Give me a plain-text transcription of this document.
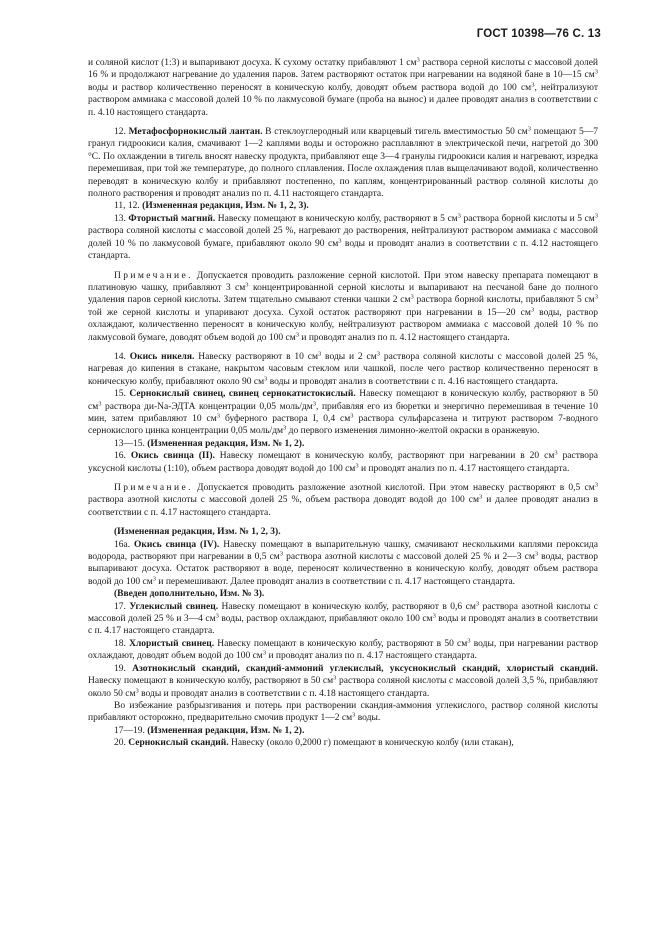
ГОСТ 10398—76 С. 13

и соляной кислот (1:3) и выпаривают досуха. К сухому остатку прибавляют 1 $см^3$ раствора серной кислоты с массовой долей 16 % и продолжают нагревание до удаления паров. Затем растворяют остаток при нагревании на водяной бане в 10—15 $см^3$ воды и раствор количественно переносят в коническую колбу, доводят объем раствора водой до 100 $см^3$, нейтрализуют раствором аммиака с массовой долей 10 % по лакмусовой бумаге (проба на вынос) и далее проводят анализ в соответствии с п. 4.10 настоящего стандарта.

12. Метафосфорнокислый лантан. В стеклоуглеродный или кварцевый тигель вместимостью 50 $см^3$ помещают 5—7 гранул гидроокиси калия, смачивают 1—2 каплями воды и осторожно расплавляют в электрической печи, нагретой до 300 °С. По охлаждении в тигель вносят навеску продукта, прибавляют еще 3—4 гранулы гидроокиси калия и нагревают, изредка перемешивая, при той же температуре, до полного сплавления. После охлаждения плав выщелачивают водой, количественно переводят в коническую колбу и прибавляют постепенно, по каплям, концентрированный раствор соляной кислоты до полного растворения и проводят анализ по п. 4.11 настоящего стандарта.

11, 12. (Измененная редакция, Изм. № 1, 2, 3).

13. Фтористый магний. Навеску помещают в коническую колбу, растворяют в 5 $см^3$ раствора борной кислоты и 5 $см^3$ раствора соляной кислоты с массовой долей 25 %, нагревают до растворения, нейтрализуют раствором аммиака с массовой долей 10 % по лакмусовой бумаге, прибавляют около 90 $см^3$ воды и проводят анализ в соответствии с п. 4.12 настоящего стандарта.

Примечание. Допускается проводить разложение серной кислотой. При этом навеску препарата помещают в платиновую чашку, прибавляют 3 $см^3$ концентрированной серной кислоты и выпаривают на песчаной бане до полного удаления паров серной кислоты. Затем тщательно смывают стенки чашки 2 $см^3$ раствора борной кислоты, прибавляют 5 $см^3$ той же серной кислоты и упаривают досуха. Сухой остаток растворяют при нагревании в 15—20 $см^3$ воды, раствор охлаждают, количественно переносят в коническую колбу, нейтрализуют раствором аммиака с массовой долей 10 % по лакмусовой бумаге, доводят объем водой до 100 $см^3$ и проводят анализ по п. 4.12 настоящего стандарта.

14. Окись никеля. Навеску растворяют в 10 $см^3$ воды и 2 $см^3$ раствора соляной кислоты с массовой долей 25 %, нагревая до кипения в стакане, накрытом часовым стеклом или чашкой, после чего раствор количественно переносят в коническую колбу, прибавляют около 90 $см^3$ воды и проводят анализ в соответствии с п. 4.16 настоящего стандарта.

15. Сернокислый свинец, свинец сернокатистокислый. Навеску помещают в коническую колбу, растворяют в 50 $см^3$ раствора ди-Na-ЭДТА концентрации 0,05 моль/$дм^3$, прибавляя его из бюретки и энергично перемешивая в течение 10 мин, затем прибавляют 10 $см^3$ буферного раствора I, 0,4 $см^3$ раствора сульфарсазена и титруют раствором 7-водного сернокислого цинка концентрации 0,05 моль/$дм^3$ до первого изменения лимонно-желтой окраски в оранжевую.

13—15. (Измененная редакция, Изм. № 1, 2).

16. Окись свинца (II). Навеску помещают в коническую колбу, растворяют при нагревании в 20 $см^3$ раствора уксусной кислоты (1:10), объем раствора доводят водой до 100 $см^3$ и проводят анализ по п. 4.17 настоящего стандарта.

Примечание. Допускается проводить разложение азотной кислотой. При этом навеску растворяют в 0,5 $см^3$ раствора азотной кислоты с массовой долей 25 %, объем раствора доводят водой до 100 $см^3$ и далее проводят анализ в соответствии с п. 4.17 настоящего стандарта.

(Измененная редакция, Изм. № 1, 2, 3).

16а. Окись свинца (IV). Навеску помещают в выпарительную чашку, смачивают несколькими каплями пероксида водорода, растворяют при нагревании в 0,5 $см^3$ раствора азотной кислоты с массовой долей 25 % и 2—3 $см^3$ воды, раствор выпаривают досуха. Остаток растворяют в воде, переносят количественно в коническую колбу, доводят объем раствора водой до 100 $см^3$ и перемешивают. Далее проводят анализ в соответствии с п. 4.17 настоящего стандарта.

(Введен дополнительно, Изм. № 3).

17. Углекислый свинец. Навеску помещают в коническую колбу, растворяют в 0,6 $см^3$ раствора азотной кислоты с массовой долей 25 % и 3—4 $см^3$ воды, раствор охлаждают, прибавляют около 100 $см^3$ воды и проводят анализ в соответствии с п. 4.17 настоящего стандарта.

18. Хлористый свинец. Навеску помещают в коническую колбу, растворяют в 50 $см^3$ воды, при нагревании раствор охлаждают, доводят объем водой до 100 $см^3$ и проводят анализ по п. 4.17 настоящего стандарта.

19. Азотнокислый скандий, скандий-аммоний углекислый, уксуснокислый скандий, хлористый скандий. Навеску помещают в коническую колбу, растворяют в 50 $см^3$ раствора соляной кислоты с массовой долей 3,5 %, прибавляют около 50 $см^3$ воды и проводят анализ в соответствии с п. 4.18 настоящего стандарта.

Во избежание разбрызгивания и потерь при растворении скандия-аммония углекислого, раствор соляной кислоты прибавляют осторожно, предварительно смочив продукт 1—2 $см^3$ воды.

17—19. (Измененная редакция, Изм. № 1, 2).

20. Сернокислый скандий. Навеску (около 0,2000 г) помещают в коническую колбу (или стакан),
